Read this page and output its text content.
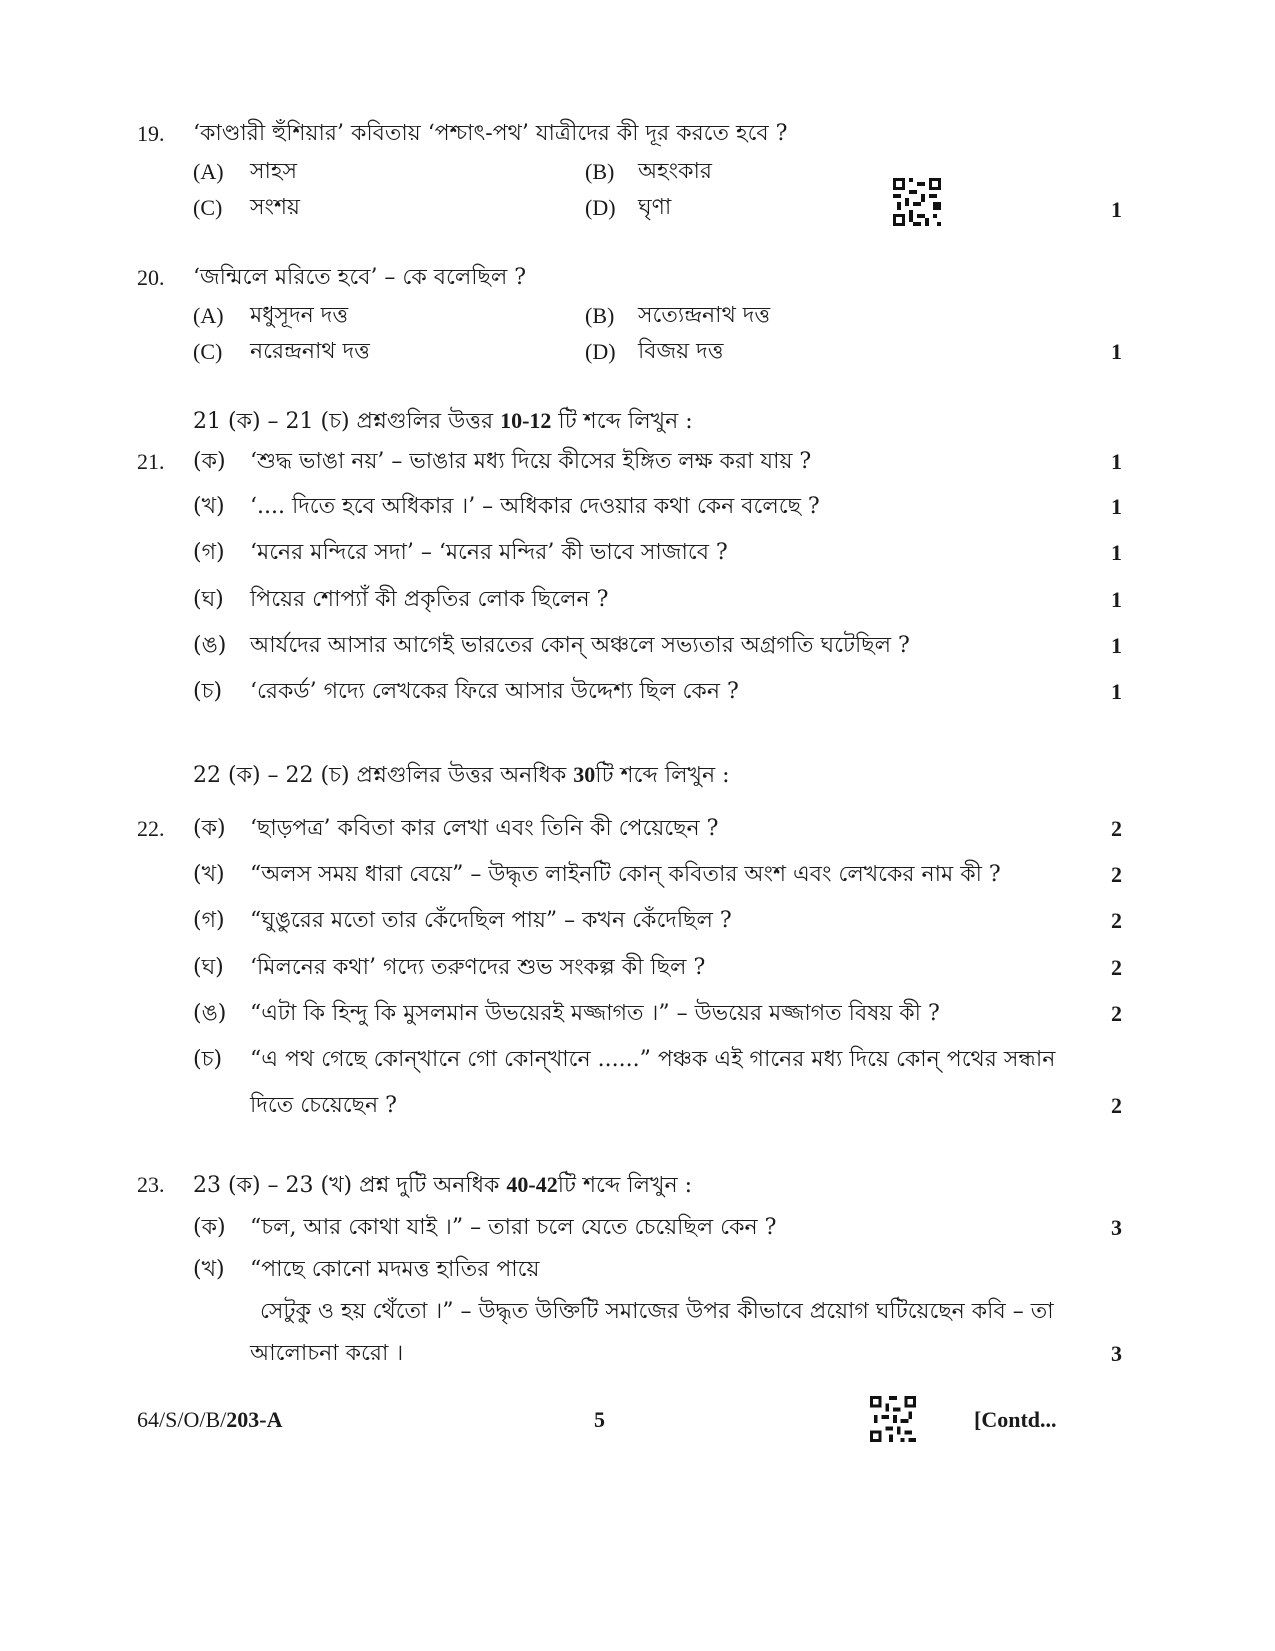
19. ‘কাণ্ডারী হুঁশিয়ার’ কবিতায় ‘পশ্চাৎ-পথ’ যাত্রীদের কী দূর করতে হবে ?
(A) সাহস	(B) অহংকার
(C) সংশয়	(D) ঘৃণা	1
20. ‘জন্মিলে মরিতে হবে’ – কে বলেছিল ?
(A) মধুসূদন দত্ত	(B) সত্যেন্দ্রনাথ দত্ত
(C) নরেন্দ্রনাথ দত্ত	(D) বিজয় দত্ত	1
21 (ক) – 21 (চ) প্রশ্নগুলির উত্তর 10-12 টি শব্দে লিখুন :
21. (ক) ‘শুদ্ধ ভাঙা নয়’ – ভাঙার মধ্য দিয়ে কীসের ইঙ্গিত লক্ষ করা যায় ?	1
(খ) ‘.... দিতে হবে অধিকার ।’ – অধিকার দেওয়ার কথা কেন বলেছে ?	1
(গ) ‘মনের মন্দিরে সদা’ – ‘মনের মন্দির’ কী ভাবে সাজাবে ?	1
(ঘ) পিয়ের শোপ্যাঁ কী প্রকৃতির লোক ছিলেন ?	1
(ঙ) আর্যদের আসার আগেই ভারতের কোন্ অঞ্চলে সভ্যতার অগ্রগতি ঘটেছিল ?	1
(চ) ‘রেকর্ড’ গদ্যে লেখকের ফিরে আসার উদ্দেশ্য ছিল কেন ?	1
22 (ক) – 22 (চ) প্রশ্নগুলির উত্তর অনধিক 30টি শব্দে লিখুন :
22. (ক) ‘ছাড়পত্র’ কবিতা কার লেখা এবং তিনি কী পেয়েছেন ?	2
(খ) “অলস সময় ধারা বেয়ে” – উদ্ধৃত লাইনটি কোন্ কবিতার অংশ এবং লেখকের নাম কী ?	2
(গ) “ঘুঙুরের মতো তার কেঁদেছিল পায়” – কখন কেঁদেছিল ?	2
(ঘ) ‘মিলনের কথা’ গদ্যে তরুণদের শুভ সংকল্প কী ছিল ?	2
(ঙ) “এটা কি হিন্দু কি মুসলমান উভয়েরই মজ্জাগত ।” – উভয়ের মজ্জাগত বিষয় কী ?	2
(চ) “এ পথ গেছে কোন্খানে গো কোন্খানে ......” পঞ্চক এই গানের মধ্য দিয়ে কোন্ পথের সন্ধান
দিতে চেয়েছেন ?	2
23. 23 (ক) – 23 (খ) প্রশ্ন দুটি অনধিক 40-42টি শব্দে লিখুন :
(ক) “চল, আর কোথা যাই ।” – তারা চলে যেতে চেয়েছিল কেন ?	3
(খ) “পাছে কোনো মদমত্ত হাতির পায়ে
সেটুকু ও হয় থেঁতো ।” – উদ্ধৃত উক্তিটি সমাজের উপর কীভাবে প্রয়োগ ঘটিয়েছেন কবি – তা
আলোচনা করো ।	3
64/S/O/B/203-A	5	[Contd...
